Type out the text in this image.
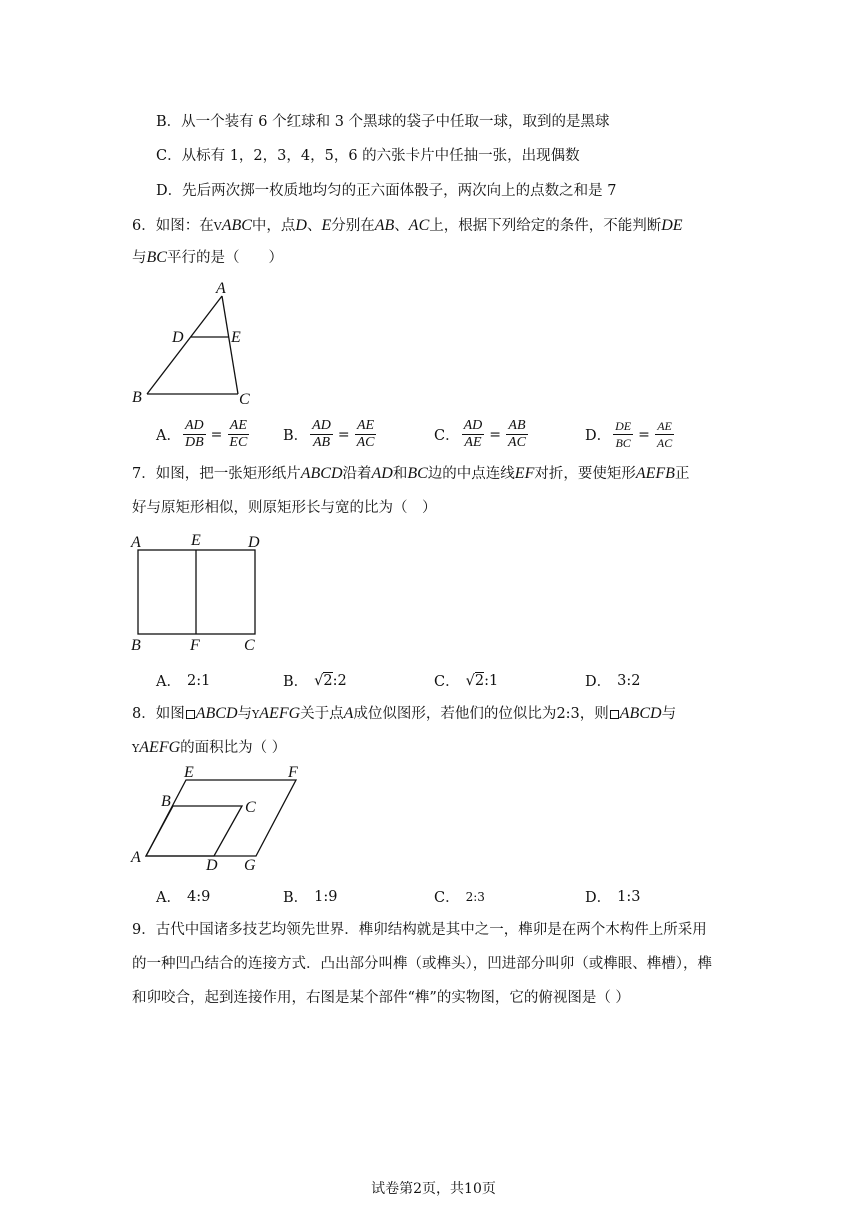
B．从一个装有 6 个红球和 3 个黑球的袋子中任取一球，取到的是黑球
C．从标有 1，2，3，4，5，6 的六张卡片中任抽一张，出现偶数
D．先后两次掷一枚质地均匀的正六面体骰子，两次向上的点数之和是 7
6．如图：在VABC中，点D、E分别在AB、AC上，根据下列给定的条件，不能判断DE
与BC平行的是（　　）
A
D	E
B	C
A． $\frac{AD}{DB} = \frac{AE}{EC}$ B． $\frac{AD}{AB} = \frac{AE}{AC}$	C． $\frac{AD}{AE} = \frac{AB}{AC}$	D． $\frac{DE}{BC} = \frac{AE}{AC}$
7．如图，把一张矩形纸片ABCD沿着AD和BC边的中点连线EF对折，要使矩形AEFB正
好与原矩形相似，则原矩形长与宽的比为（　）
A	E	D
B	F	C
A． 2:1	B． √ 2 :2	C． √ 2 :1	D． 3:2
8．如图 ABCD与YAEFG关于点A成位似图形，若他们的位似比为2:3，则 ABCD与
YAEFG的面积比为（ ）
E	F
B	C
A	D G
A． 4:9	B． 1:9	C． 2:3	D． 1:3
9．古代中国诸多技艺均领先世界．榫卯结构就是其中之一，榫卯是在两个木构件上所采用
的一种凹凸结合的连接方式．凸出部分叫榫（或榫头），凹进部分叫卯（或榫眼、榫槽），榫
和卯咬合，起到连接作用，右图是某个部件“榫”的实物图，它的俯视图是（ ）
试卷第2页，共10页
